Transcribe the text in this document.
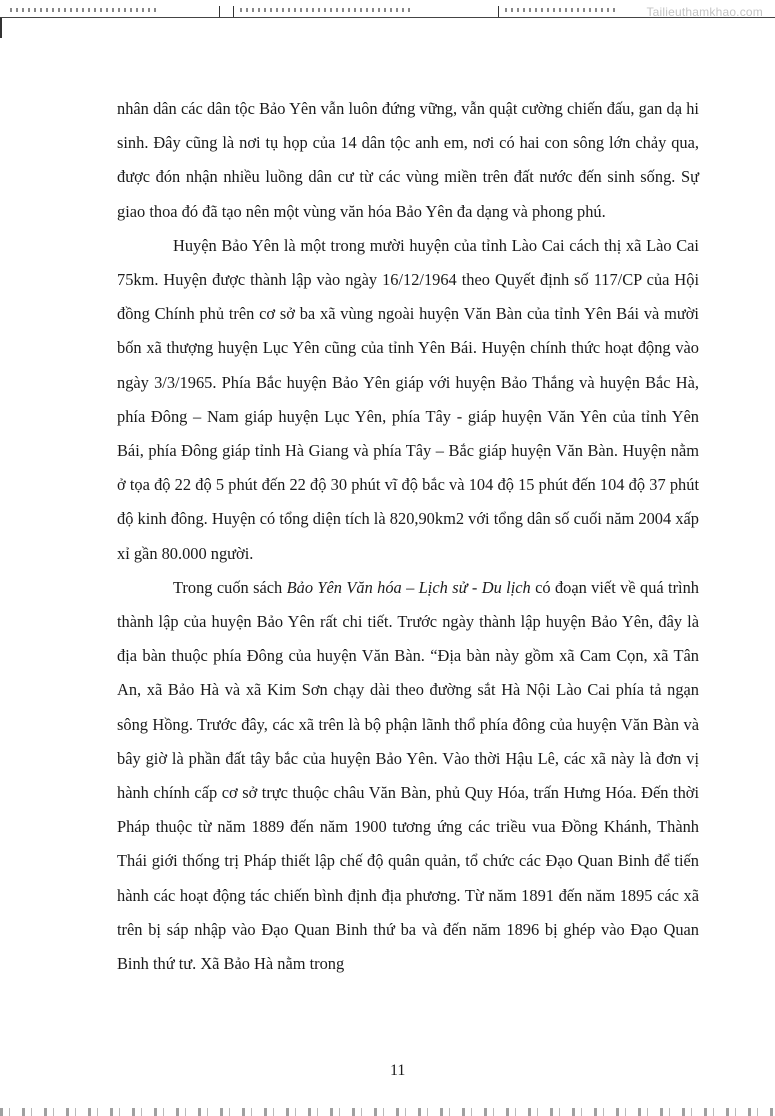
Tailieuthamkhao.com

nhân dân các dân tộc Bảo Yên vẫn luôn đứng vững, vẫn quật cường chiến đấu, gan dạ hi sinh. Đây cũng là nơi tụ họp của 14 dân tộc anh em, nơi có hai con sông lớn chảy qua, được đón nhận nhiều luồng dân cư từ các vùng miền trên đất nước đến sinh sống. Sự giao thoa đó đã tạo nên một vùng văn hóa Bảo Yên đa dạng và phong phú.

Huyện Bảo Yên là một trong mười huyện của tỉnh Lào Cai cách thị xã Lào Cai 75km. Huyện được thành lập vào ngày 16/12/1964 theo Quyết định số 117/CP của Hội đồng Chính phủ trên cơ sở ba xã vùng ngoài huyện Văn Bàn của tỉnh Yên Bái và mười bốn xã thượng huyện Lục Yên cũng của tỉnh Yên Bái. Huyện chính thức hoạt động vào ngày 3/3/1965. Phía Bắc huyện Bảo Yên giáp với huyện Bảo Thắng và huyện Bắc Hà, phía Đông – Nam giáp huyện Lục Yên, phía Tây - giáp huyện Văn Yên của tỉnh Yên Bái, phía Đông giáp tỉnh Hà Giang và phía Tây – Bắc giáp huyện Văn Bàn. Huyện nằm ở tọa độ 22 độ 5 phút đến 22 độ 30 phút vĩ độ bắc và 104 độ 15 phút đến 104 độ 37 phút độ kinh đông. Huyện có tổng diện tích là 820,90km2 với tổng dân số cuối năm 2004 xấp xỉ gần 80.000 người.

Trong cuốn sách Bảo Yên Văn hóa – Lịch sử - Du lịch có đoạn viết về quá trình thành lập của huyện Bảo Yên rất chi tiết. Trước ngày thành lập huyện Bảo Yên, đây là địa bàn thuộc phía Đông của huyện Văn Bàn. “Địa bàn này gồm xã Cam Cọn, xã Tân An, xã Bảo Hà và xã Kim Sơn chạy dài theo đường sắt Hà Nội Lào Cai phía tả ngạn sông Hồng. Trước đây, các xã trên là bộ phận lãnh thổ phía đông của huyện Văn Bàn và bây giờ là phần đất tây bắc của huyện Bảo Yên. Vào thời Hậu Lê, các xã này là đơn vị hành chính cấp cơ sở trực thuộc châu Văn Bàn, phủ Quy Hóa, trấn Hưng Hóa. Đến thời Pháp thuộc từ năm 1889 đến năm 1900 tương ứng các triều vua Đồng Khánh, Thành Thái giới thống trị Pháp thiết lập chế độ quân quản, tổ chức các Đạo Quan Binh để tiến hành các hoạt động tác chiến bình định địa phương. Từ năm 1891 đến năm 1895 các xã trên bị sáp nhập vào Đạo Quan Binh thứ ba và đến năm 1896 bị ghép vào Đạo Quan Binh thứ tư. Xã Bảo Hà nằm trong

11
